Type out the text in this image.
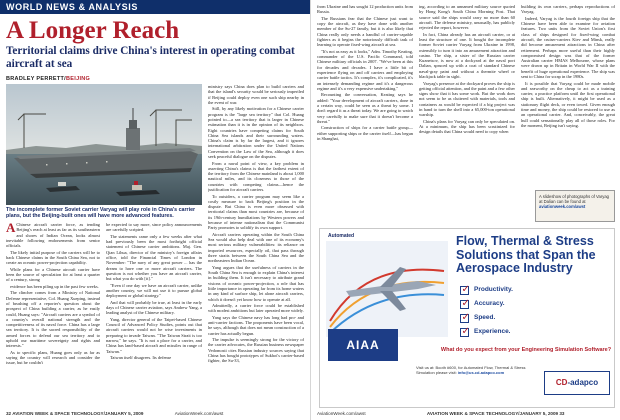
WORLD NEWS & ANALYSIS
A Longer Reach
Territorial claims drive China's interest in operating combat aircraft at sea
BRADLEY PERRETT/BEIJING
The incomplete former Soviet carrier Varyag will play role in China's carrier plans, but the Beijing-built ones will have more advanced features.

A Chinese aircraft carrier force, as tending Beijing's reach at least as far as its southeastern and shores of Indian Ocean, looks almost inevitable following endorsements from senior officials.

The likely initial purpose of the carriers will be to back Chinese claims in the South China Sea, not to create an oceanic power-projection capability.

While plans for a Chinese aircraft carrier have been the source of speculation for at least a quarter of a century, strong

evidence has been piling up in the past few weeks.

The clincher comes from a Ministry of National Defense representative, Col. Huang Xueping, instead of brushing off a reporter's question about the prospect of China building a carrier, as he easily could, Huang says: "Aircraft carriers are a symbol of a country's overall national strength and the competitiveness of its naval force. China has a large sea territory. It is the sacred responsibility of the armed forces to defend our sea territory and to uphold our maritime sovereignty and rights and interests."

As to specific plans, Huang goes only as far as saying the country will research and consider the issue, but he couldn't

be expected to say more, since policy announcements are carefully scripted.

The statements came only a few weeks after what had previously been the most forthright official statement of Chinese carrier ambitions. Maj. Gen. Qian Lihua, director of the ministry's foreign affairs office, told the Financial Times of London in November: "The navy of any great power ... has the dream to have one or more aircraft carriers. The question is not whether you have an aircraft carrier, but what you do with [it]."

"Even if one day we have an aircraft carrier, unlike another country, we will not use it to pursue global deployment or global strategy."

And that will probably be true, at least in the early days of Chinese carrier aviation, says Andrew Yang, a leading analyst of the Chinese military.

Yang, director general of the Taipei-based Chinese Council of Advanced Policy Studies, points out that aircraft carriers would not be wise investments in preparing to invade Taiwan. "The Taiwan Strait is too narrow," he says. "It is not a place for a carrier, and China has land-based aircraft and missiles in range of Taiwan."

Taiwan itself disagrees. Its defense

ministry says China does plan to build carriers and that the island's security would be seriously imperiled if Beijing could deploy even one such ship nearby in the event of war.

Still, by any likely motivation for a Chinese carrier program is the "large sea territory" that Col. Huang pointed to—a sea territory that is larger in Chinese estimation than it is in the opinion of its neighbors. Eight countries have competing claims for South China Sea islands and their surrounding waters. China's claim is by far the largest, and it ignores international arbitration under the United Nations Convention on the Law of the Sea, although it does seek peaceful dialogue on the disputes.

From a naval point of view, a key problem in asserting China's claims is that the farthest extent of the territory from the Chinese mainland is about 1,000 nautical miles, and its closeness to those of the countries with competing claims—hence the justification for aircraft carriers.

To outsiders, a carrier program may seem like a costly measure to back Beijing's position in the dispute. But China is even more obsessed with territorial claims than most countries are, because of its 19th-century humiliations by Western powers and because of intense nationalism that the Communist Party promotes to solidify its own support.

Aircraft carriers operating within the South China Sea would also help deal with one of its economy's most serious military vulnerabilities: its reliance on imported resources, especially oil, that pass through three straits between the South China Sea and the northeastern Indian Ocean.

Yang argues that the usefulness of carriers in the South China Sea is enough to explain China's interest in building them. It isn't necessary to attribute grand visions of oceanic power-projection, a role that has little importance in operating far from its home waters in any kind of surface ship, let alone aircraft carriers, which it doesn't yet know how to operate at all.

Admittedly, a carrier force could be established with modest ambitions but later operated more widely.

Yang says the Chinese navy has long had pro- and anti-carrier factions. The proponents have been vocal, he says, although that does not mean construction of a carrier has actually begun.

The impulse is seemingly strong for the victory of the carrier advocates, the Russian business newspaper Vedomosti cites Russian industry sources saying that China has bought prototypes of Sukhoi's carrier-based fighter, the Su-33,

32 AVIATION WEEK & SPACE TECHNOLOGY/JANUARY 5, 2009	AviationWeek.com/awst

from Ukraine and has sought 12 production units from Russia.

The Russians fear that the Chinese just want to copy the aircraft, as they have done with another member of the Su-27 family, but it is also likely that China really only needs a handful of carrier-capable fighters as it begins the notoriously difficult task of learning to operate fixed-wing aircraft at sea.

"It's not as easy as it looks," Adm. Timothy Keating, commander of the U.S. Pacific Command, told Chinese military officials in 2007. "We've been at this for decades and decades. I have a little bit of experience flying on and off carriers and employing carrier battle tactics. It's complex, it's complicated, it's an intensely demanding regime and it's a dangerous regime and it's a very expensive undertaking."

Recounting the conversation, Keating says he added: "Your development of aircraft carriers, done in a certain way, could be seen as a threat by some. I don't regard it as a threat today. We are going to watch very carefully to make sure that it doesn't become a threat."

Construction of ships for a carrier battle group—either supporting ships or the carrier itself—has begun in Shanghai,

ing, according to an unnamed military source quoted by Hong Kong's South China Morning Post. That source said the ships would carry no more than 60 aircraft. The defense ministry, unusually, has publicly rejected the report, however.

In fact, China already has an aircraft carrier, or at least the structure of one. It bought the incomplete former Soviet carrier Varyag from Ukraine in 1998, ostensibly to turn it into an amusement attraction and casino. The ship, a sister of the Russian carrier Kuznetsov, is now at a dockyard at the naval port Dalian, spruced up with a coat of standard Chinese naval-gray paint and without a thermite wheel or blackjack table in sight.

Varyag's presence at the dockyard proves the ship is getting official attention, and the paint and a few other signs show that it has some work. But the work does not seem to be as cluttered with materials, tools and containers as would be expected if a big project was in hand to turn the shell into a 65,000-ton operational warship.

China's plans for Varyag can only be speculated on. At a minimum, the ship has been scrutinized for design details that China would need to copy when

building its own carriers, perhaps reproductions of Varyag.

Indeed, Varyag is the fourth foreign ship that the Chinese have been able to examine for aviation features. Two units from the Soviet Union's first class of ships designed for fixed-wing combat aircraft, the cruiser-carriers Kiev and Minsk, really did become amusement attractions in China after retirement. Perhaps more useful than their highly compromised design was that of the former Australian carrier HMAS Melbourne, whose plans were drawn up in Britain in World War II with the benefit of huge operational experience. The ship was sent to China for scrap in the 1980s.

It is possible that Varyag could be made mobile and seaworthy on the cheap to act as a training carrier, a practice platform until the first operational ship is built. Alternatively, it might be used as a stationary flight deck, or even towed. Given enough time and money, the ship could be restored to use as an operational carrier. And, conceivably, the great hull could sensationally play all of those roles. For the moment, Beijing isn't saying.

A slideshow of photographs of Varyag at Dalian can be found at aviationweek.com/awst
Automated
AIAA
Flow, Thermal & Stress Solutions that Span the Aerospace Industry
✓
Productivity.
✓
Accuracy.
✓
Speed.
✓
Experience.
What do you expect from your Engineering Simulation Software?
Visit us at: Booth #600, for Automated Flow, Thermal & Stress Simulation please visit: info@us.cd-adapco.com
CD-adapco
AviationWeek.com/awst	AVIATION WEEK & SPACE TECHNOLOGY/JANUARY 5, 2009 33
